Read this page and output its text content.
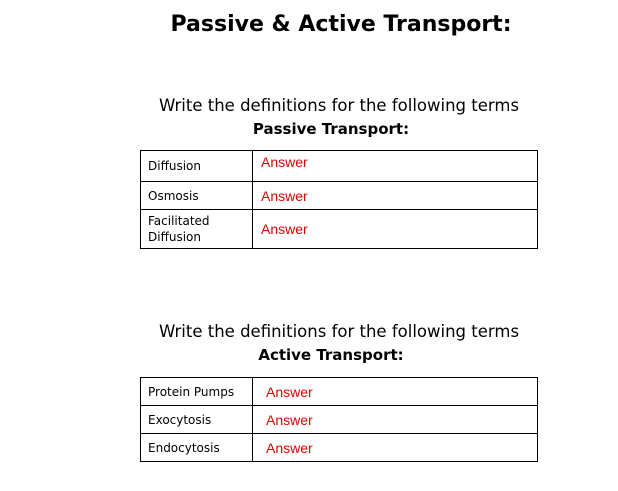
Passive & Active Transport:
Write the definitions for the following terms
Passive Transport:
Diffusion	Answer
Osmosis	Answer
Facilitated
Diffusion	Answer
Write the definitions for the following terms
Active Transport:
Protein Pumps	Answer
Exocytosis	Answer
Endocytosis	Answer
